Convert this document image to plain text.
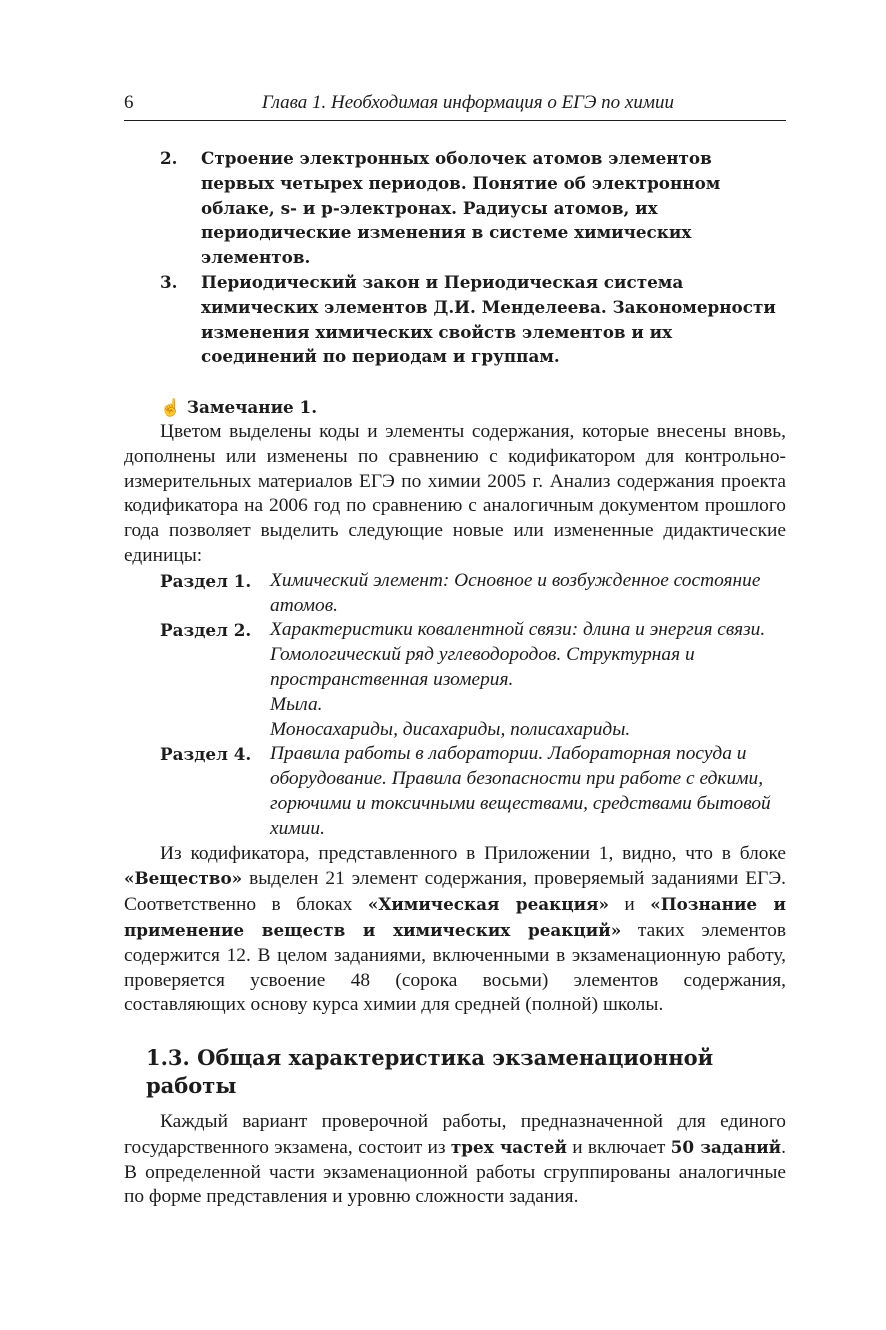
6	Глава 1. Необходимая информация о ЕГЭ по химии
2.	Строение электронных оболочек атомов элементов первых четырех периодов. Понятие об электронном облаке, s- и p-электронах. Радиусы атомов, их периодические изменения в системе химических элементов.
3.	Периодический закон и Периодическая система химических элементов Д.И. Менделеева. Закономерности изменения химических свойств элементов и их соединений по периодам и группам.
☝ Замечание 1.
Цветом выделены коды и элементы содержания, которые внесены вновь, дополнены или изменены по сравнению с кодификатором для контрольно-измерительных материалов ЕГЭ по химии 2005 г. Анализ содержания проекта кодификатора на 2006 год по сравнению с аналогичным документом прошлого года позволяет выделить следующие новые или измененные дидактические единицы:
Раздел 1. Химический элемент: Основное и возбужденное состояние атомов.
Раздел 2. Характеристики ковалентной связи: длина и энергия связи.
Гомологический ряд углеводородов. Структурная и пространственная изомерия.
Мыла.
Моносахариды, дисахариды, полисахариды.
Раздел 4. Правила работы в лаборатории. Лабораторная посуда и оборудование. Правила безопасности при работе с едкими, горючими и токсичными веществами, средствами бытовой химии.
Из кодификатора, представленного в Приложении 1, видно, что в блоке «Вещество» выделен 21 элемент содержания, проверяемый заданиями ЕГЭ. Соответственно в блоках «Химическая реакция» и «Познание и применение веществ и химических реакций» таких элементов содержится 12. В целом заданиями, включенными в экзаменационную работу, проверяется усвоение 48 (сорока восьми) элементов содержания, составляющих основу курса химии для средней (полной) школы.
1.3. Общая характеристика экзаменационной работы
Каждый вариант проверочной работы, предназначенной для единого государственного экзамена, состоит из трех частей и включает 50 заданий. В определенной части экзаменационной работы сгруппированы аналогичные по форме представления и уровню сложности задания.
